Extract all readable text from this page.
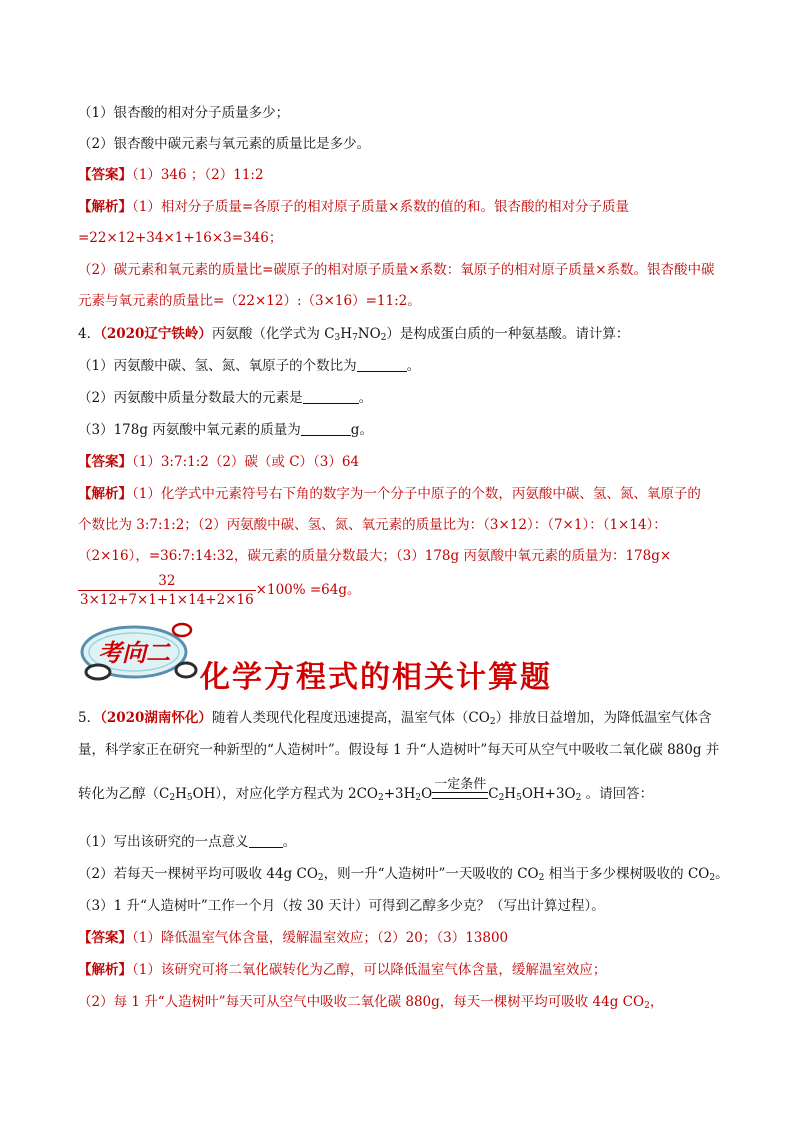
（1）银杏酸的相对分子质量多少；
（2）银杏酸中碳元素与氧元素的质量比是多少。
【答案】（1）346 ；（2）11:2
【解析】（1）相对分子质量=各原子的相对原子质量×系数的值的和。银杏酸的相对分子质量
=22×12+34×1+16×3=346；
（2）碳元素和氧元素的质量比=碳原子的相对原子质量×系数：氧原子的相对原子质量×系数。银杏酸中碳
元素与氧元素的质量比=（22×12）:（3×16）=11:2。
4．（2020辽宁铁岭）丙氨酸（化学式为 $C_3H_7NO_2$）是构成蛋白质的一种氨基酸。请计算：
（1）丙氨酸中碳、氢、氮、氧原子的个数比为	。
（2）丙氨酸中质量分数最大的元素是	。
（3）178g 丙氨酸中氧元素的质量为	g。
【答案】（1）3:7:1:2（2）碳（或 C）（3）64
【解析】（1）化学式中元素符号右下角的数字为一个分子中原子的个数，丙氨酸中碳、氢、氮、氧原子的
个数比为 3:7:1:2；（2）丙氨酸中碳、氢、氮、氧元素的质量比为：（3×12）：（7×1）：（1×14）：
（2×16），=36:7:14:32，碳元素的质量分数最大；（3）178g 丙氨酸中氧元素的质量为：178g×
$\frac{32}{3\times 12+7\times 1+1\times 14+2\times 16} \times 100\% =64g$。
考向二
化学方程式的相关计算题
5．（2020湖南怀化）随着人类现代化程度迅速提高，温室气体$(CO_2)$排放日益增加，为降低温室气体含
量，科学家正在研究一种新型的“人造树叶”。假设每 1 升“人造树叶”每天可从空气中吸收二氧化碳 880g 并
转化为乙醇$(C_2H_5OH)$，对应化学方程式为 $2CO_2+3H_2O$
一定条件
$C_2H_5OH+3O_2$ 。请回答：
（1）写出该研究的一点意义	。
（2）若每天一棵树平均可吸收 44g $CO_2$，则一升“人造树叶”一天吸收的 $CO_2$ 相当于多少棵树吸收的 $CO_2$。
（3）1 升“人造树叶”工作一个月（按 30 天计）可得到乙醇多少克？（写出计算过程）。
【答案】（1）降低温室气体含量，缓解温室效应；（2）20；（3）13800
【解析】（1）该研究可将二氧化碳转化为乙醇，可以降低温室气体含量，缓解温室效应；
（2）每 1 升“人造树叶”每天可从空气中吸收二氧化碳 880g，每天一棵树平均可吸收 44g $CO_2$，
